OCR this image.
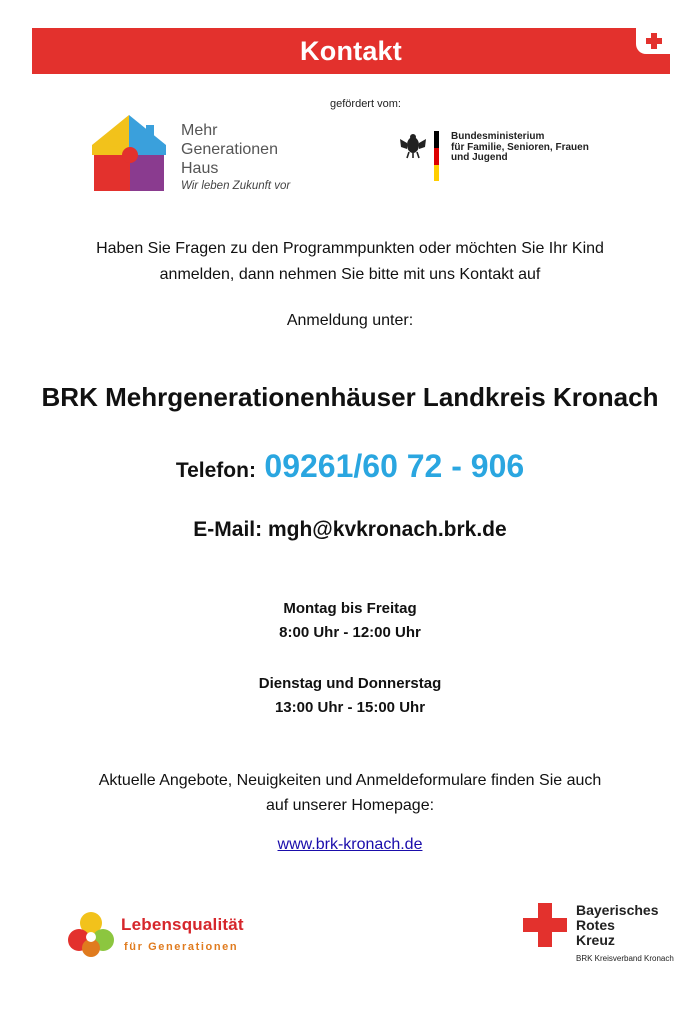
Kontakt
gefördert vom:
Mehr
Generationen
Haus
Wir leben Zukunft vor
Bundesministerium
für Familie, Senioren, Frauen
und Jugend
Haben Sie Fragen zu den Programmpunkten oder möchten Sie Ihr Kind
anmelden, dann nehmen Sie bitte mit uns Kontakt auf
Anmeldung unter:
BRK Mehrgenerationenhäuser Landkreis Kronach
Telefon: 09261/60 72 - 906
E-Mail: mgh@kvkronach.brk.de
Montag bis Freitag
8:00 Uhr - 12:00 Uhr
Dienstag und Donnerstag
13:00 Uhr - 15:00 Uhr
Aktuelle Angebote, Neuigkeiten und Anmeldeformulare finden Sie auch
auf unserer Homepage:
www.brk-kronach.de
Lebensqualität
für Generationen
Bayerisches
Rotes
Kreuz
BRK Kreisverband Kronach
